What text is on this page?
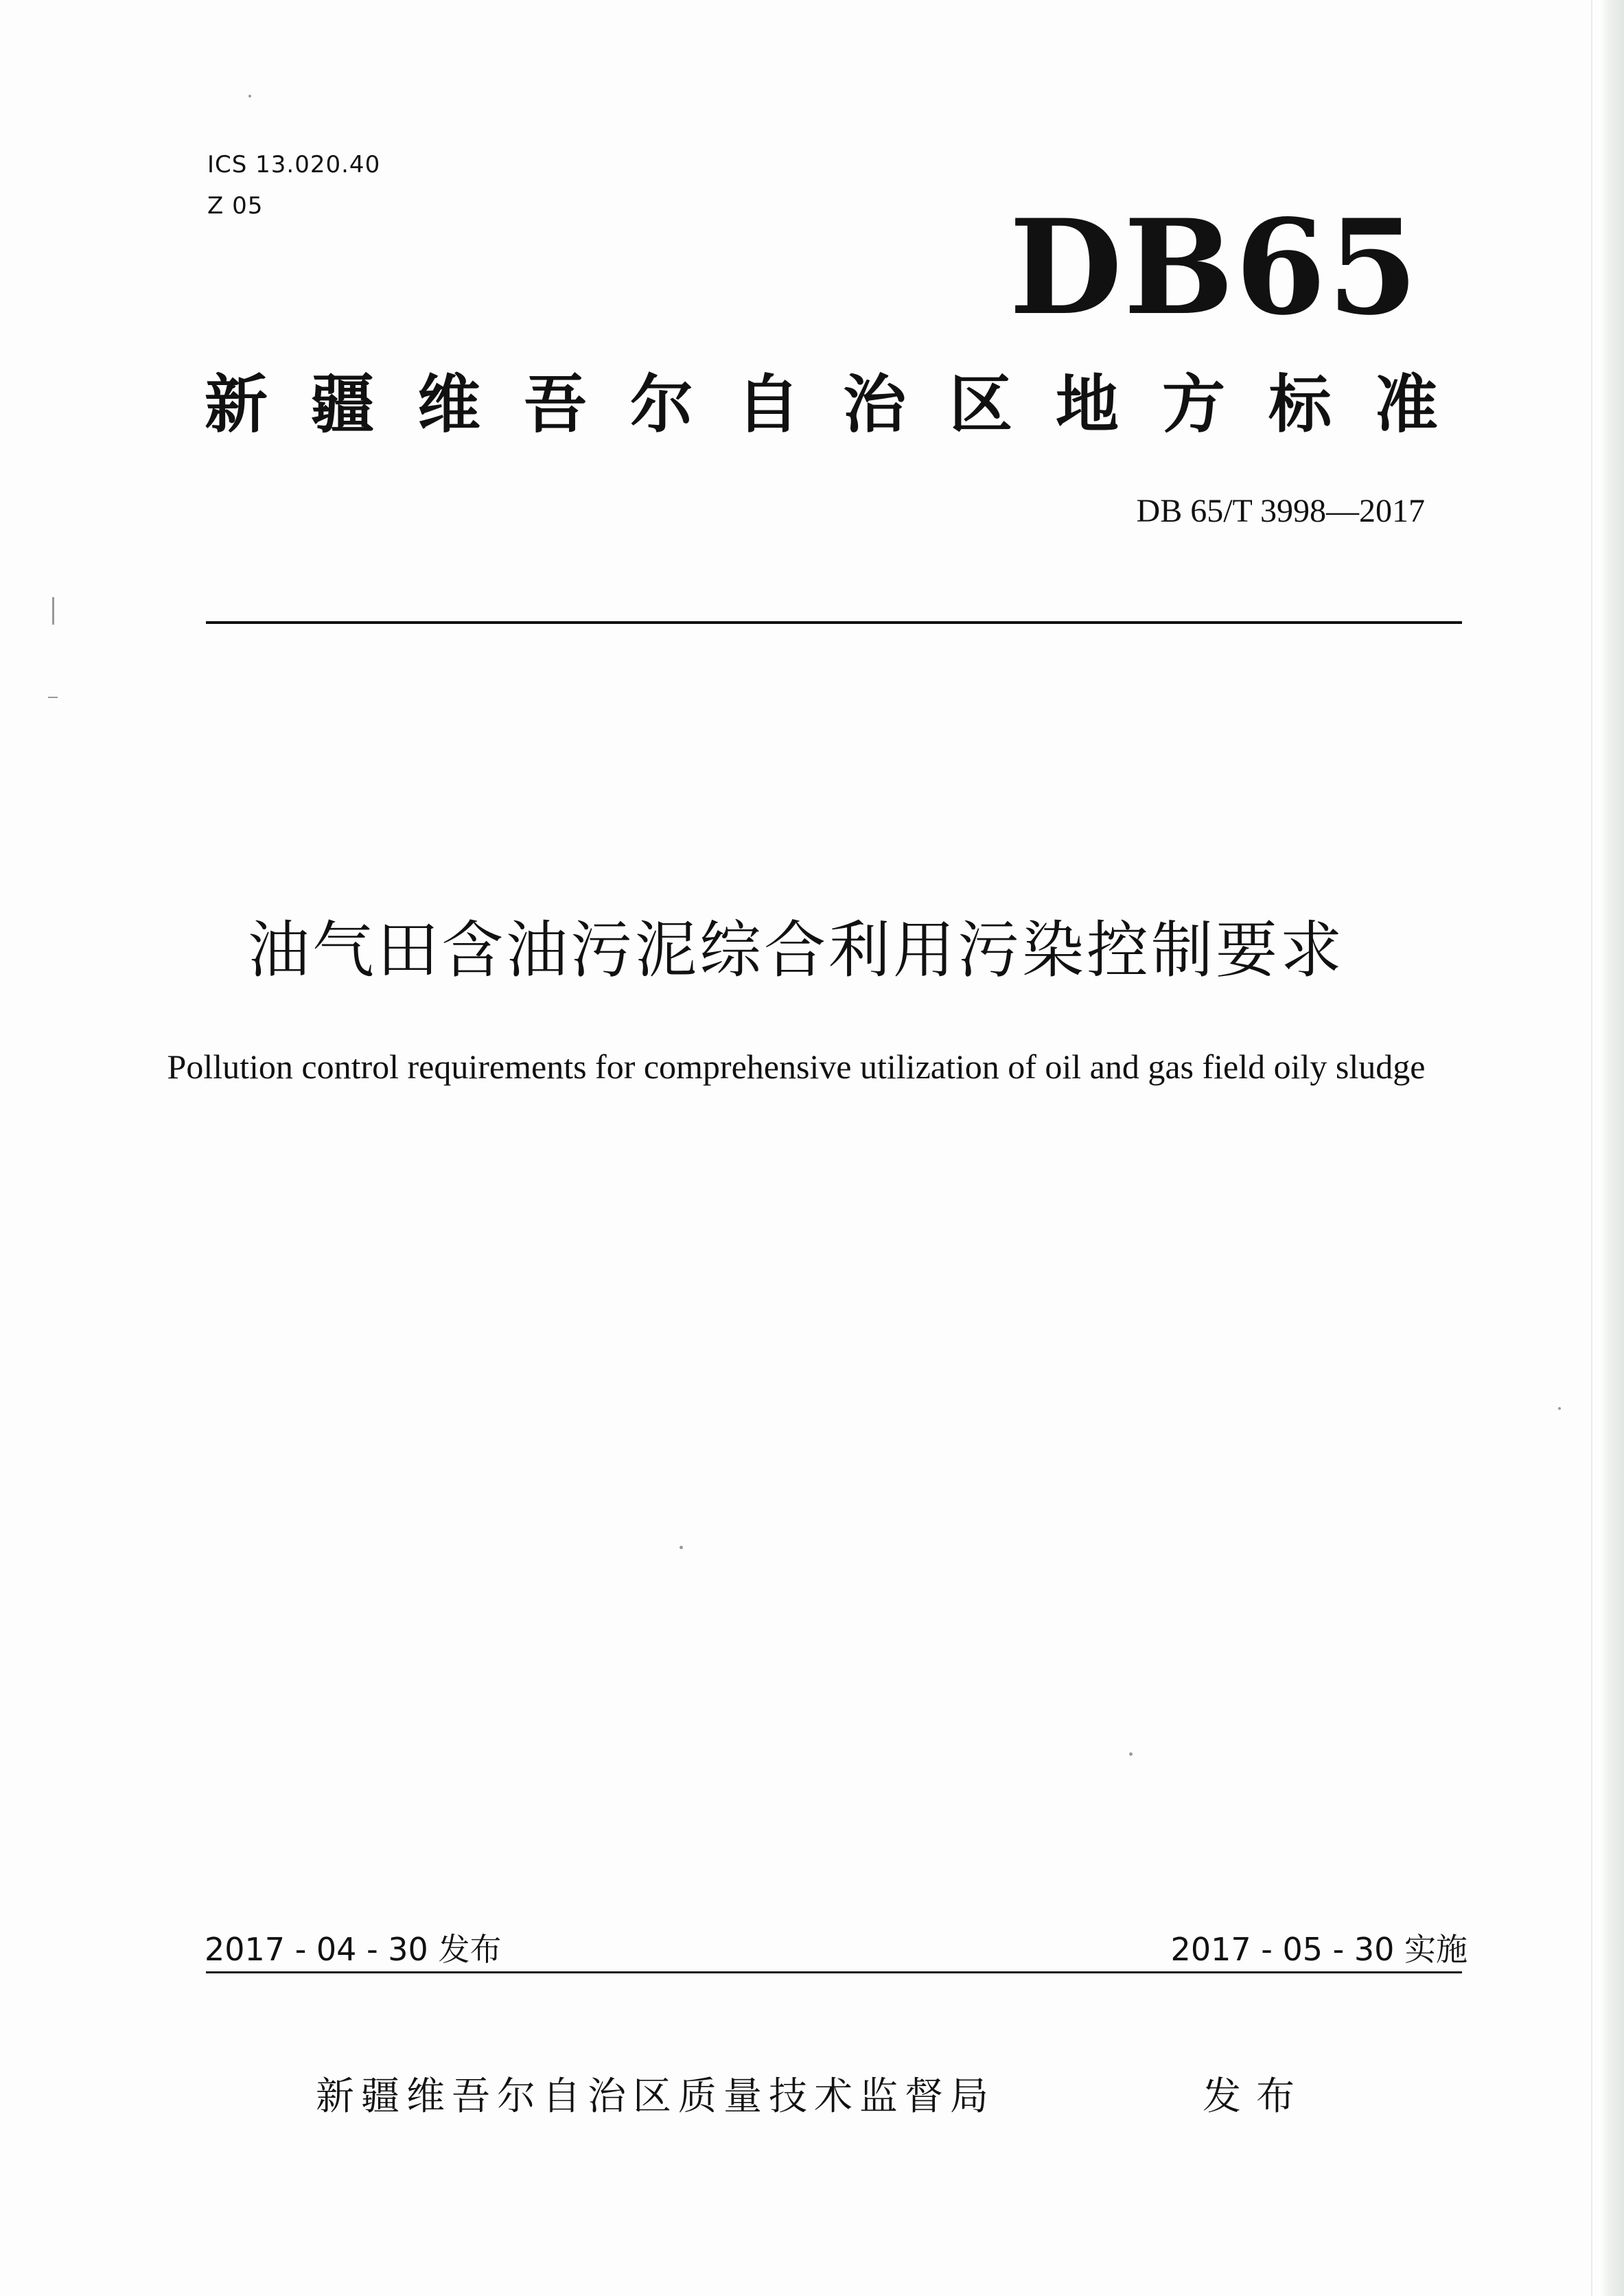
ICS 13.020.40
Z 05	DB65
新疆维吾尔自治区地方标准
DB 65/T 3998—2017
油气田含油污泥综合利用污染控制要求
Pollution control requirements for comprehensive utilization of oil and gas field oily sludge
2017 - 04 - 30 发布	2017 - 05 - 30 实施
新疆维吾尔自治区质量技术监督局	发布
